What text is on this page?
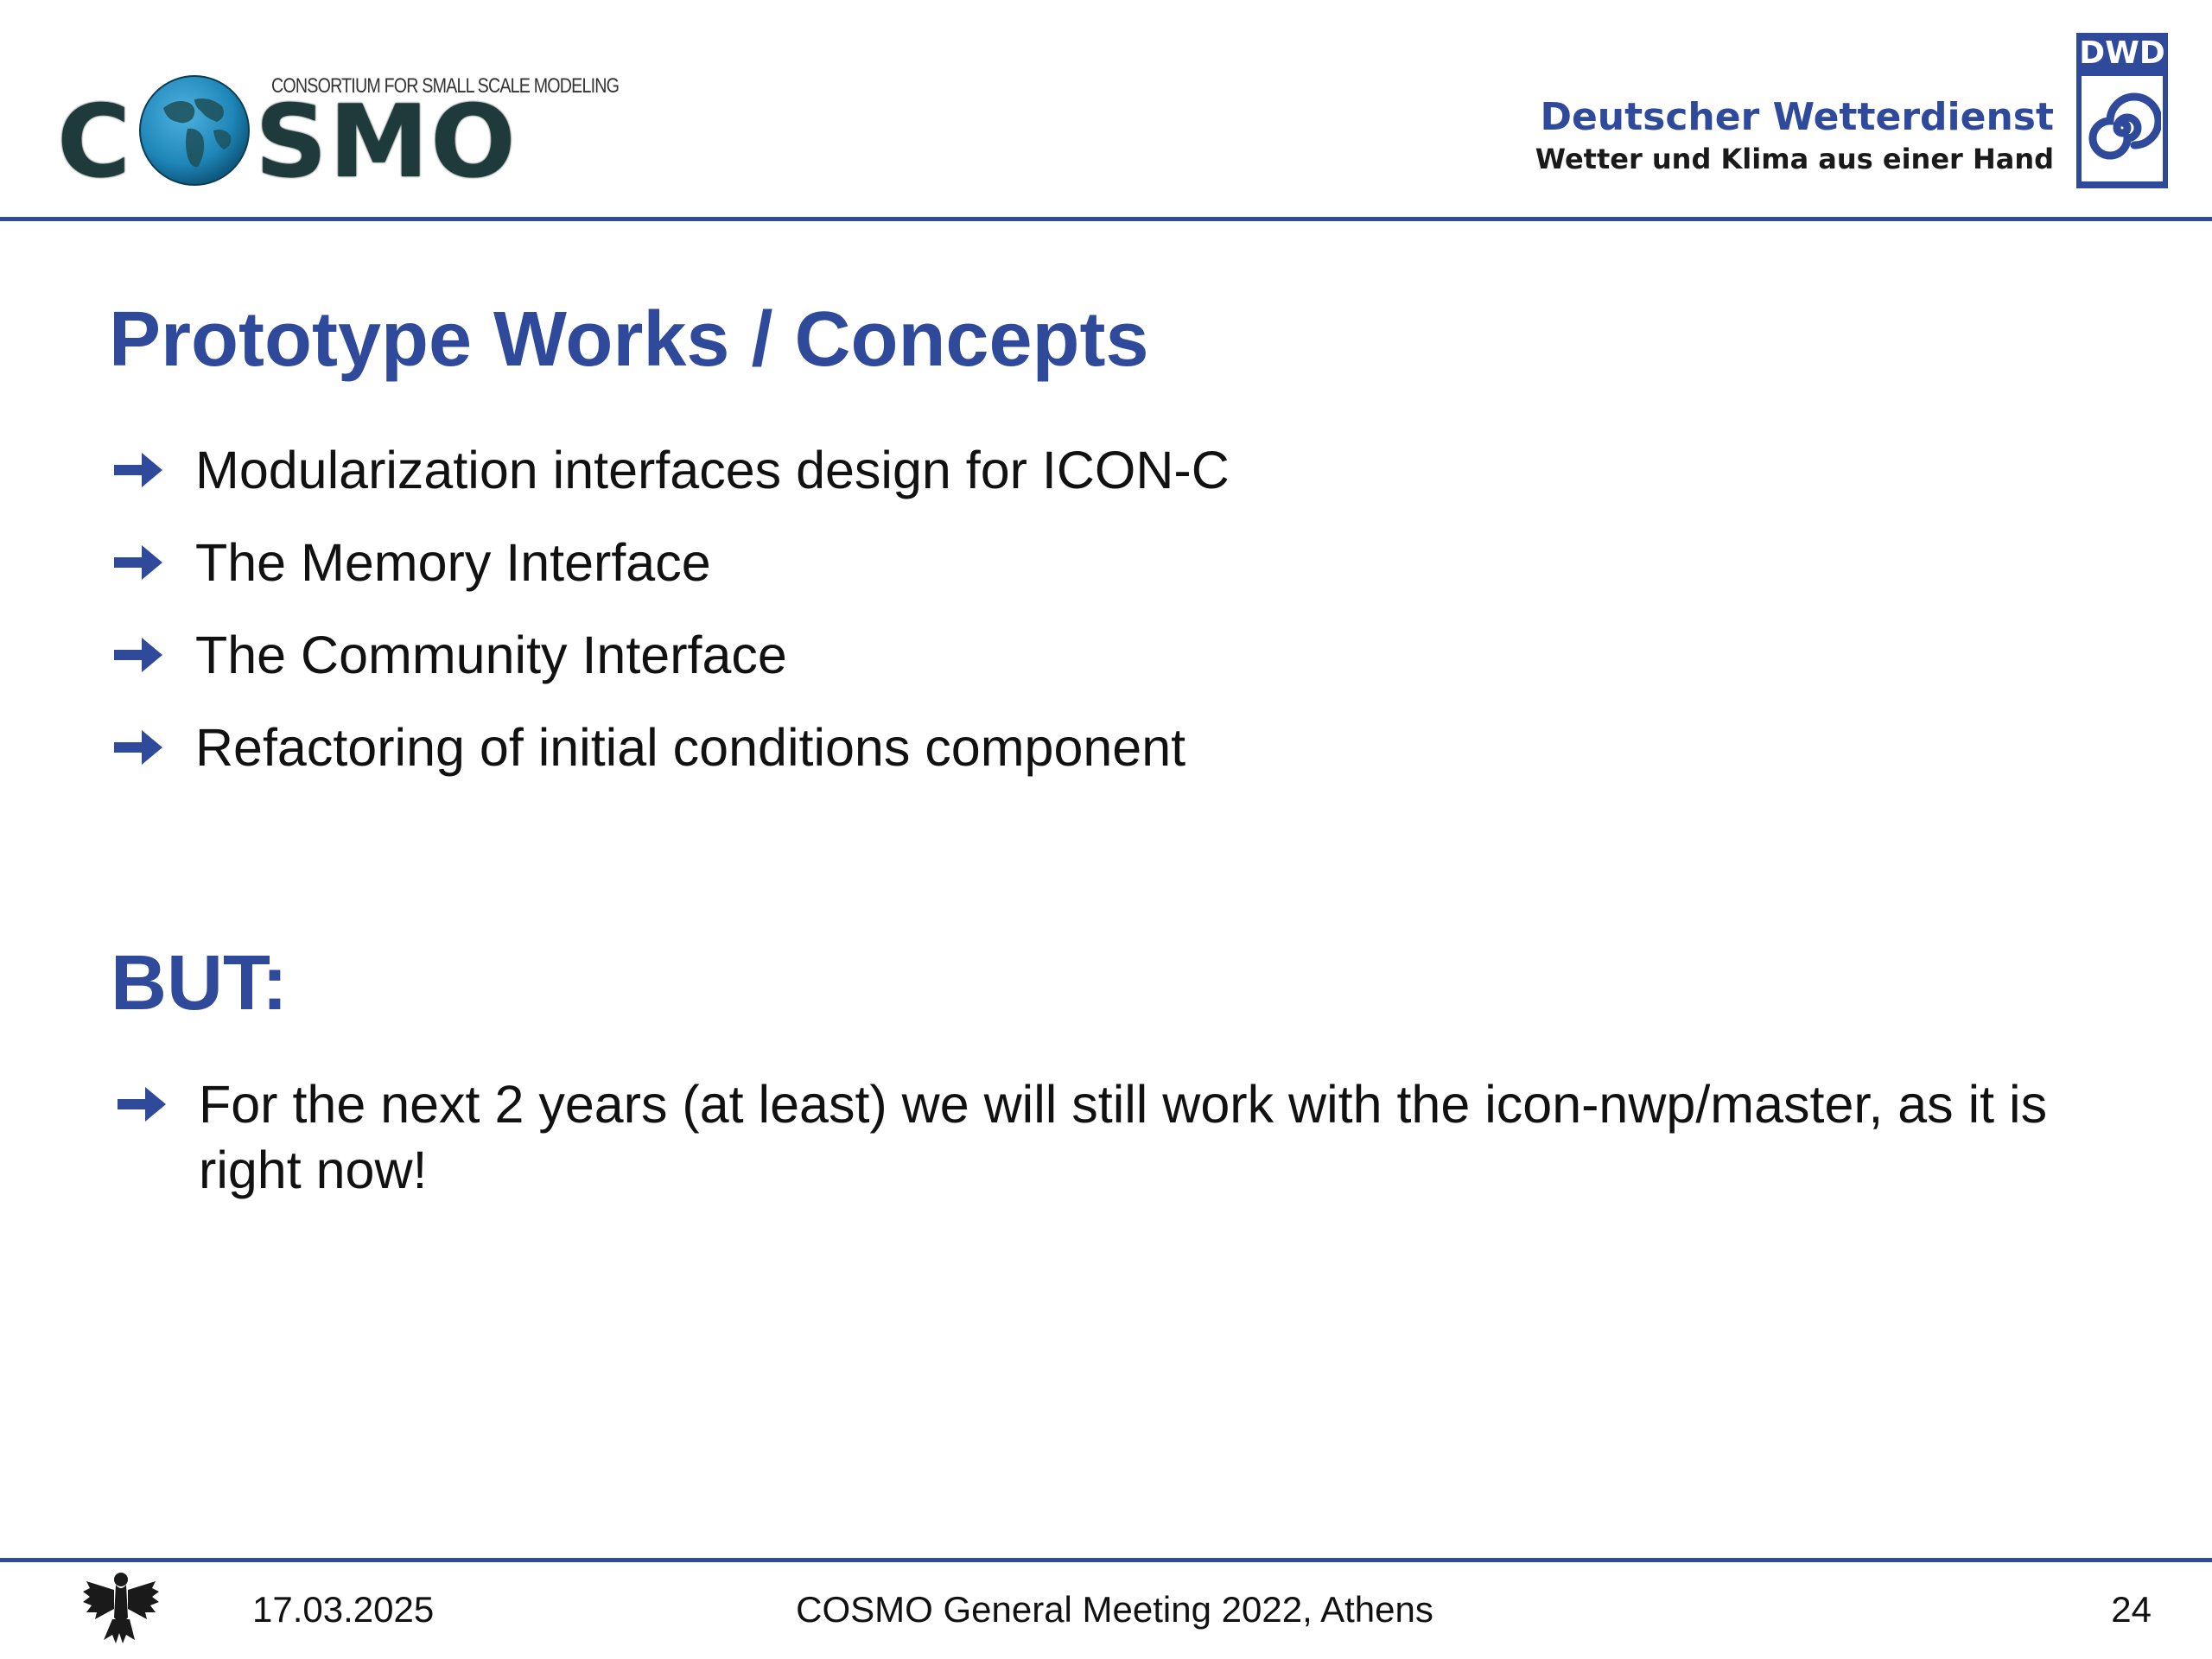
CONSORTIUM FOR SMALL SCALE MODELING
C S M O	Deutscher Wetterdienst
Wetter und Klima aus einer Hand
DWD
Prototype Works / Concepts
Modularization interfaces design for ICON-C
The Memory Interface
The Community Interface
Refactoring of initial conditions component
BUT:
For the next 2 years (at least) we will still work with the icon-nwp/master, as it is right now!
17.03.2025	COSMO General Meeting 2022, Athens	24
